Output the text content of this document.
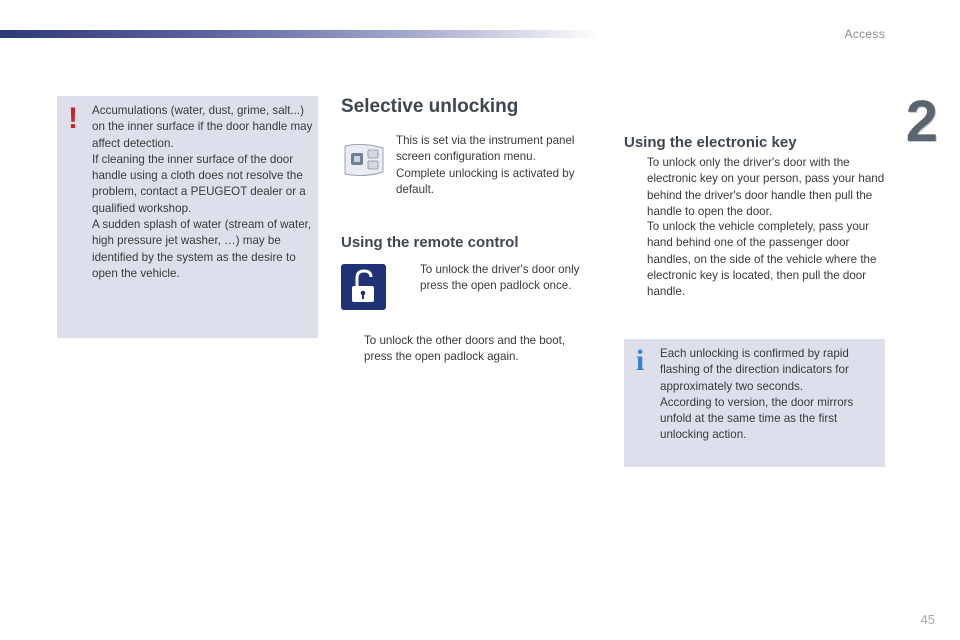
Access
2
!	Accumulations (water, dust, grime, salt...) on the inner surface if the door handle may affect detection.

If cleaning the inner surface of the door handle using a cloth does not resolve the problem, contact a PEUGEOT dealer or a qualified workshop.

A sudden splash of water (stream of water, high pressure jet washer, …) may be identified by the system as the desire to open the vehicle.

Selective unlocking

This is set via the instrument panel screen configuration menu.

Complete unlocking is activated by default.

Using the remote control
To unlock the driver's door only press the open padlock once.
To unlock the other doors and the boot, press the open padlock again.
Using the electronic key
To unlock only the driver's door with the electronic key on your person, pass your hand behind the driver's door handle then pull the handle to open the door.
To unlock the vehicle completely, pass your hand behind one of the passenger door handles, on the side of the vehicle where the electronic key is located, then pull the door handle.
i Each unlocking is confirmed by rapid flashing of the direction indicators for approximately two seconds.

According to version, the door mirrors unfold at the same time as the first unlocking action.

45
